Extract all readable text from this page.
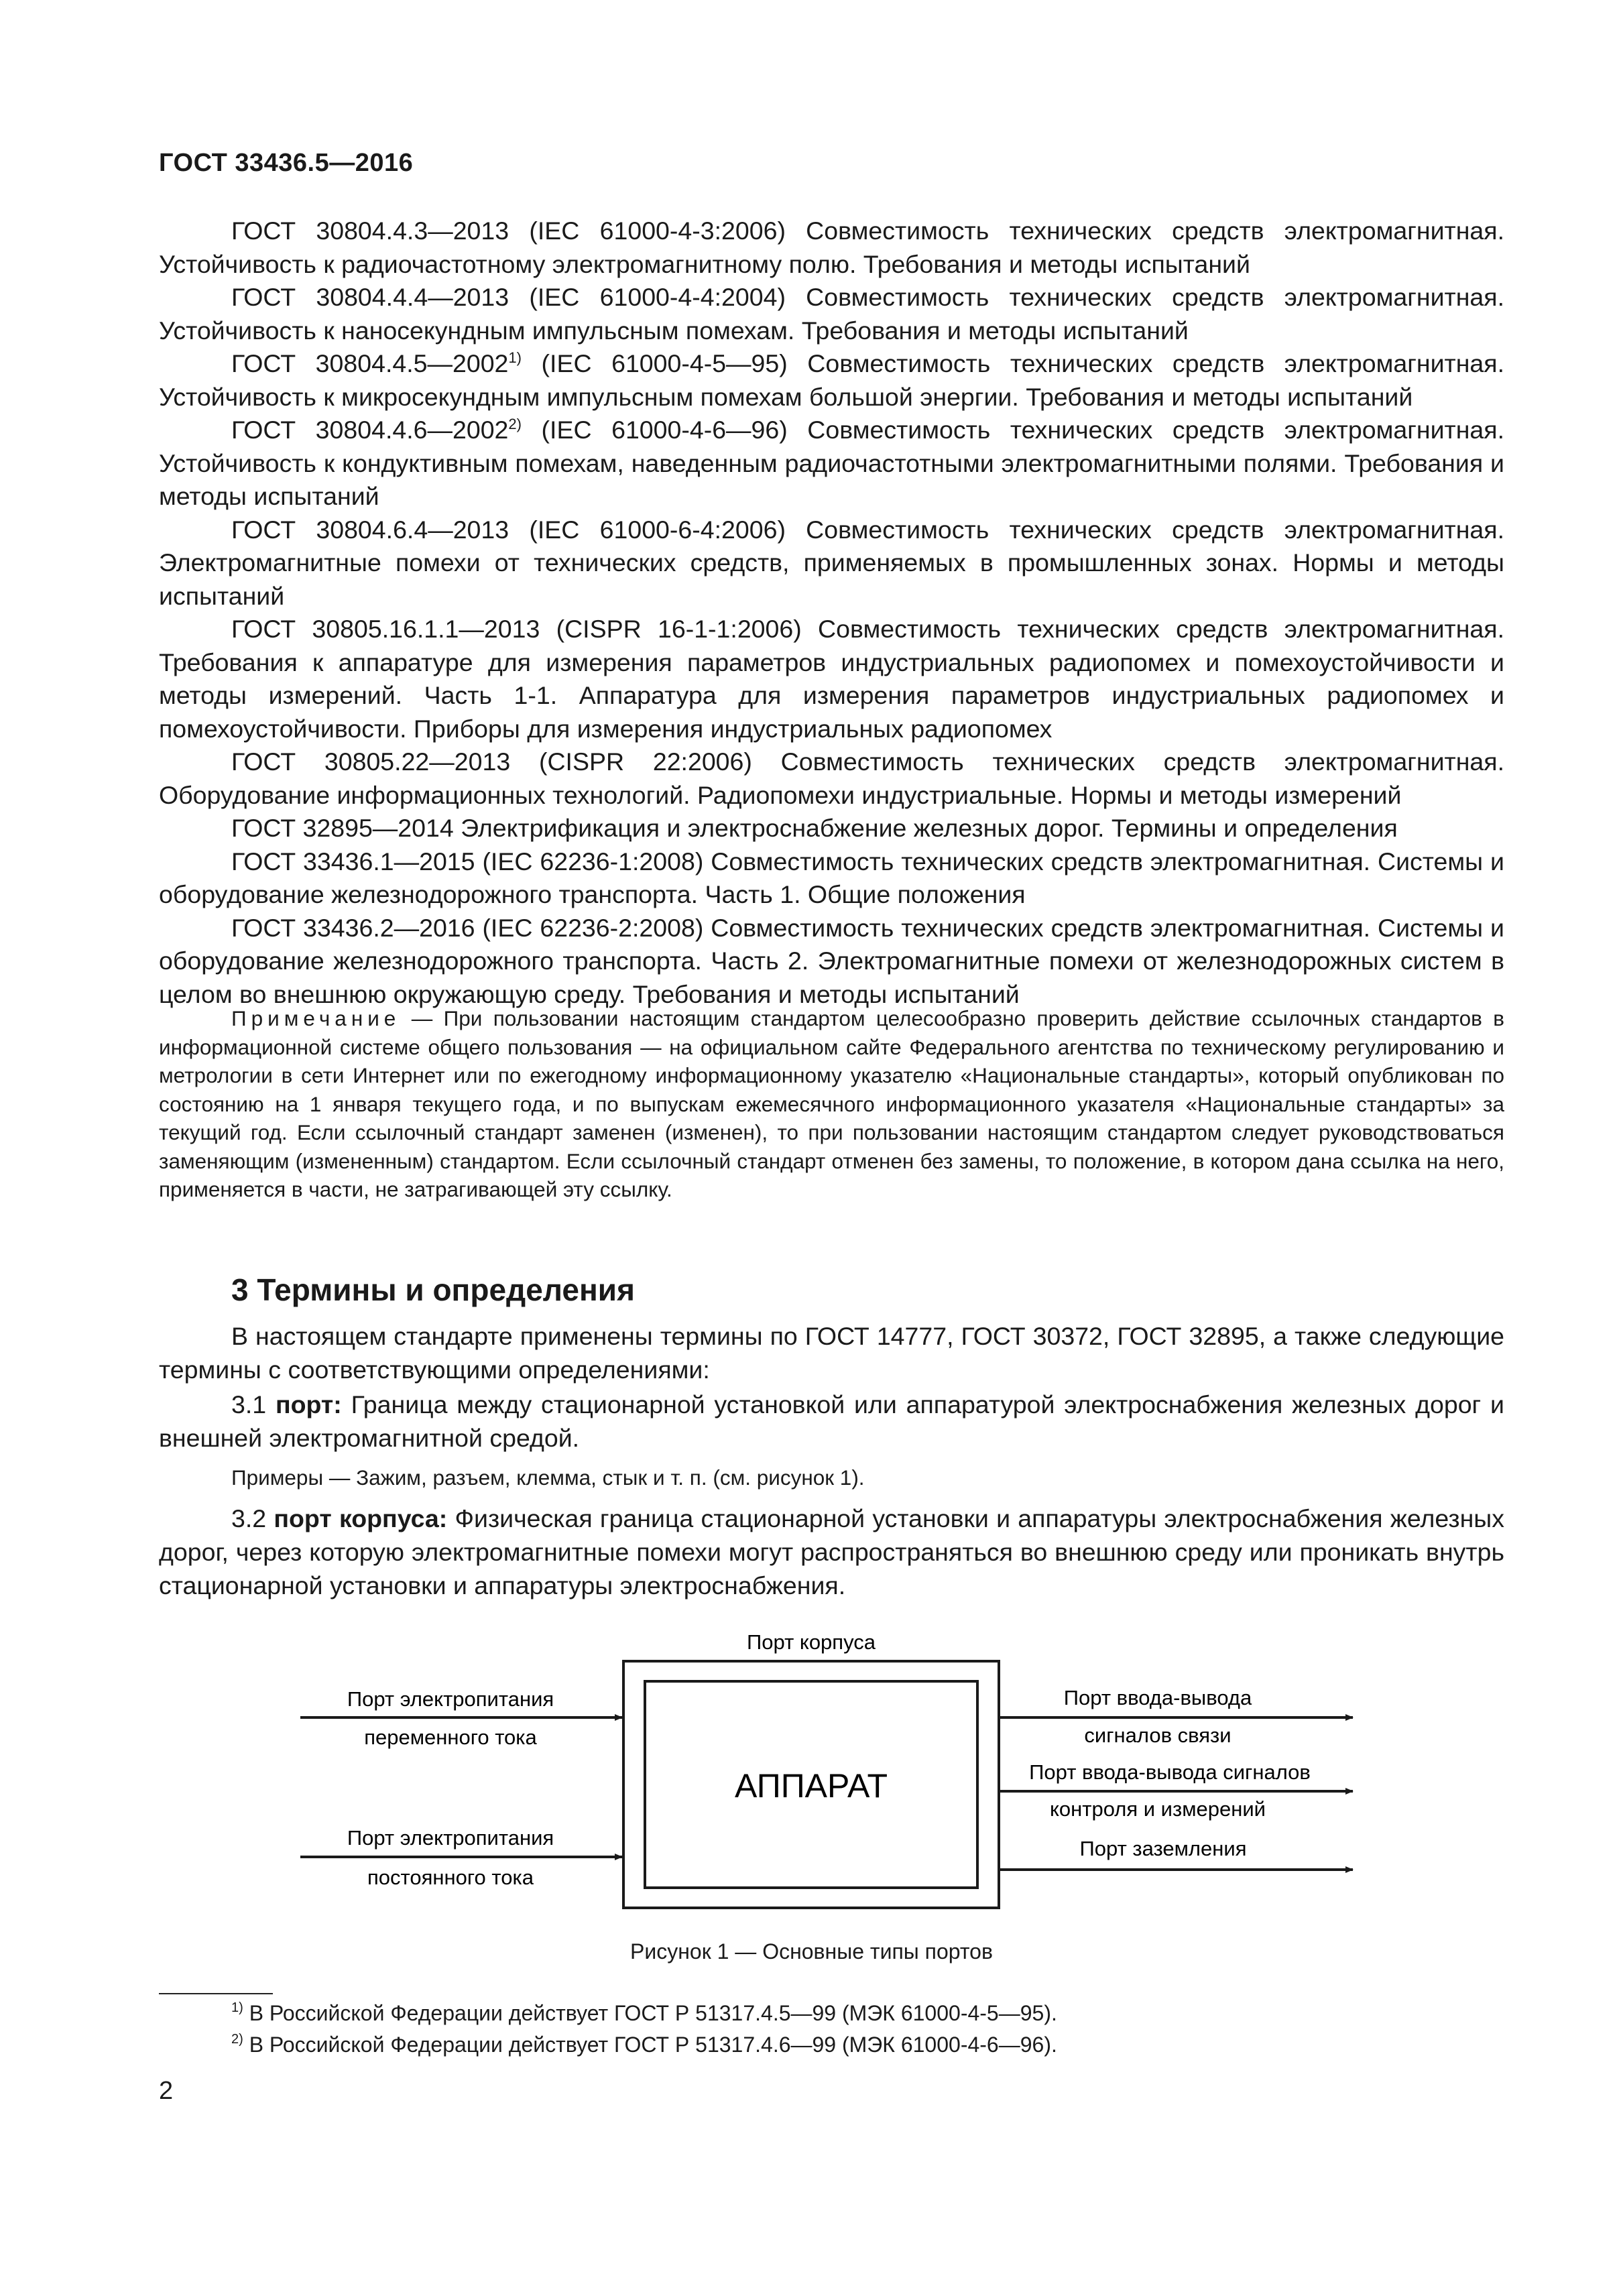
ГОСТ 33436.5—2016

ГОСТ 30804.4.3—2013 (IEC 61000-4-3:2006) Совместимость технических средств электромагнитная. Устойчивость к радиочастотному электромагнитному полю. Требования и методы испытаний

ГОСТ 30804.4.4—2013 (IEC 61000-4-4:2004) Совместимость технических средств электромагнитная. Устойчивость к наносекундным импульсным помехам. Требования и методы испытаний

ГОСТ 30804.4.5—2002$^{1)}$ (IEC 61000-4-5—95) Совместимость технических средств электромагнитная. Устойчивость к микросекундным импульсным помехам большой энергии. Требования и методы испытаний

ГОСТ 30804.4.6—2002$^{2)}$ (IEC 61000-4-6—96) Совместимость технических средств электромагнитная. Устойчивость к кондуктивным помехам, наведенным радиочастотными электромагнитными полями. Требования и методы испытаний

ГОСТ 30804.6.4—2013 (IEC 61000-6-4:2006) Совместимость технических средств электромагнитная. Электромагнитные помехи от технических средств, применяемых в промышленных зонах. Нормы и методы испытаний

ГОСТ 30805.16.1.1—2013 (CISPR 16-1-1:2006) Совместимость технических средств электромагнитная. Требования к аппаратуре для измерения параметров индустриальных радиопомех и помехоустойчивости и методы измерений. Часть 1-1. Аппаратура для измерения параметров индустриальных радиопомех и помехоустойчивости. Приборы для измерения индустриальных радиопомех

ГОСТ 30805.22—2013 (CISPR 22:2006) Совместимость технических средств электромагнитная. Оборудование информационных технологий. Радиопомехи индустриальные. Нормы и методы измерений

ГОСТ 32895—2014 Электрификация и электроснабжение железных дорог. Термины и определения

ГОСТ 33436.1—2015 (IEC 62236-1:2008) Совместимость технических средств электромагнитная. Системы и оборудование железнодорожного транспорта. Часть 1. Общие положения

ГОСТ 33436.2—2016 (IEC 62236-2:2008) Совместимость технических средств электромагнитная. Системы и оборудование железнодорожного транспорта. Часть 2. Электромагнитные помехи от железнодорожных систем в целом во внешнюю окружающую среду. Требования и методы испытаний

Примечание — При пользовании настоящим стандартом целесообразно проверить действие ссылочных стандартов в информационной системе общего пользования — на официальном сайте Федерального агентства по техническому регулированию и метрологии в сети Интернет или по ежегодному информационному указателю «Национальные стандарты», который опубликован по состоянию на 1 января текущего года, и по выпускам ежемесячного информационного указателя «Национальные стандарты» за текущий год. Если ссылочный стандарт заменен (изменен), то при пользовании настоящим стандартом следует руководствоваться заменяющим (измененным) стандартом. Если ссылочный стандарт отменен без замены, то положение, в котором дана ссылка на него, применяется в части, не затрагивающей эту ссылку.

3 Термины и определения

В настоящем стандарте применены термины по ГОСТ 14777, ГОСТ 30372, ГОСТ 32895, а также следующие термины с соответствующими определениями:

3.1 порт: Граница между стационарной установкой или аппаратурой электроснабжения железных дорог и внешней электромагнитной средой.

Примеры — Зажим, разъем, клемма, стык и т. п. (см. рисунок 1).

3.2 порт корпуса: Физическая граница стационарной установки и аппаратуры электроснабжения железных дорог, через которую электромагнитные помехи могут распространяться во внешнюю среду или проникать внутрь стационарной установки и аппаратуры электроснабжения.

АППАРАТ
Порт корпуса
Порт электропитания
переменного тока
Порт электропитания
постоянного тока
Порт ввода-вывода
сигналов связи
Порт ввода-вывода сигналов
контроля и измерений
Порт заземления
Рисунок 1 — Основные типы портов
$^{1)}$ В Российской Федерации действует ГОСТ Р 51317.4.5—99 (МЭК 61000-4-5—95).
$^{2)}$ В Российской Федерации действует ГОСТ Р 51317.4.6—99 (МЭК 61000-4-6—96).
2
